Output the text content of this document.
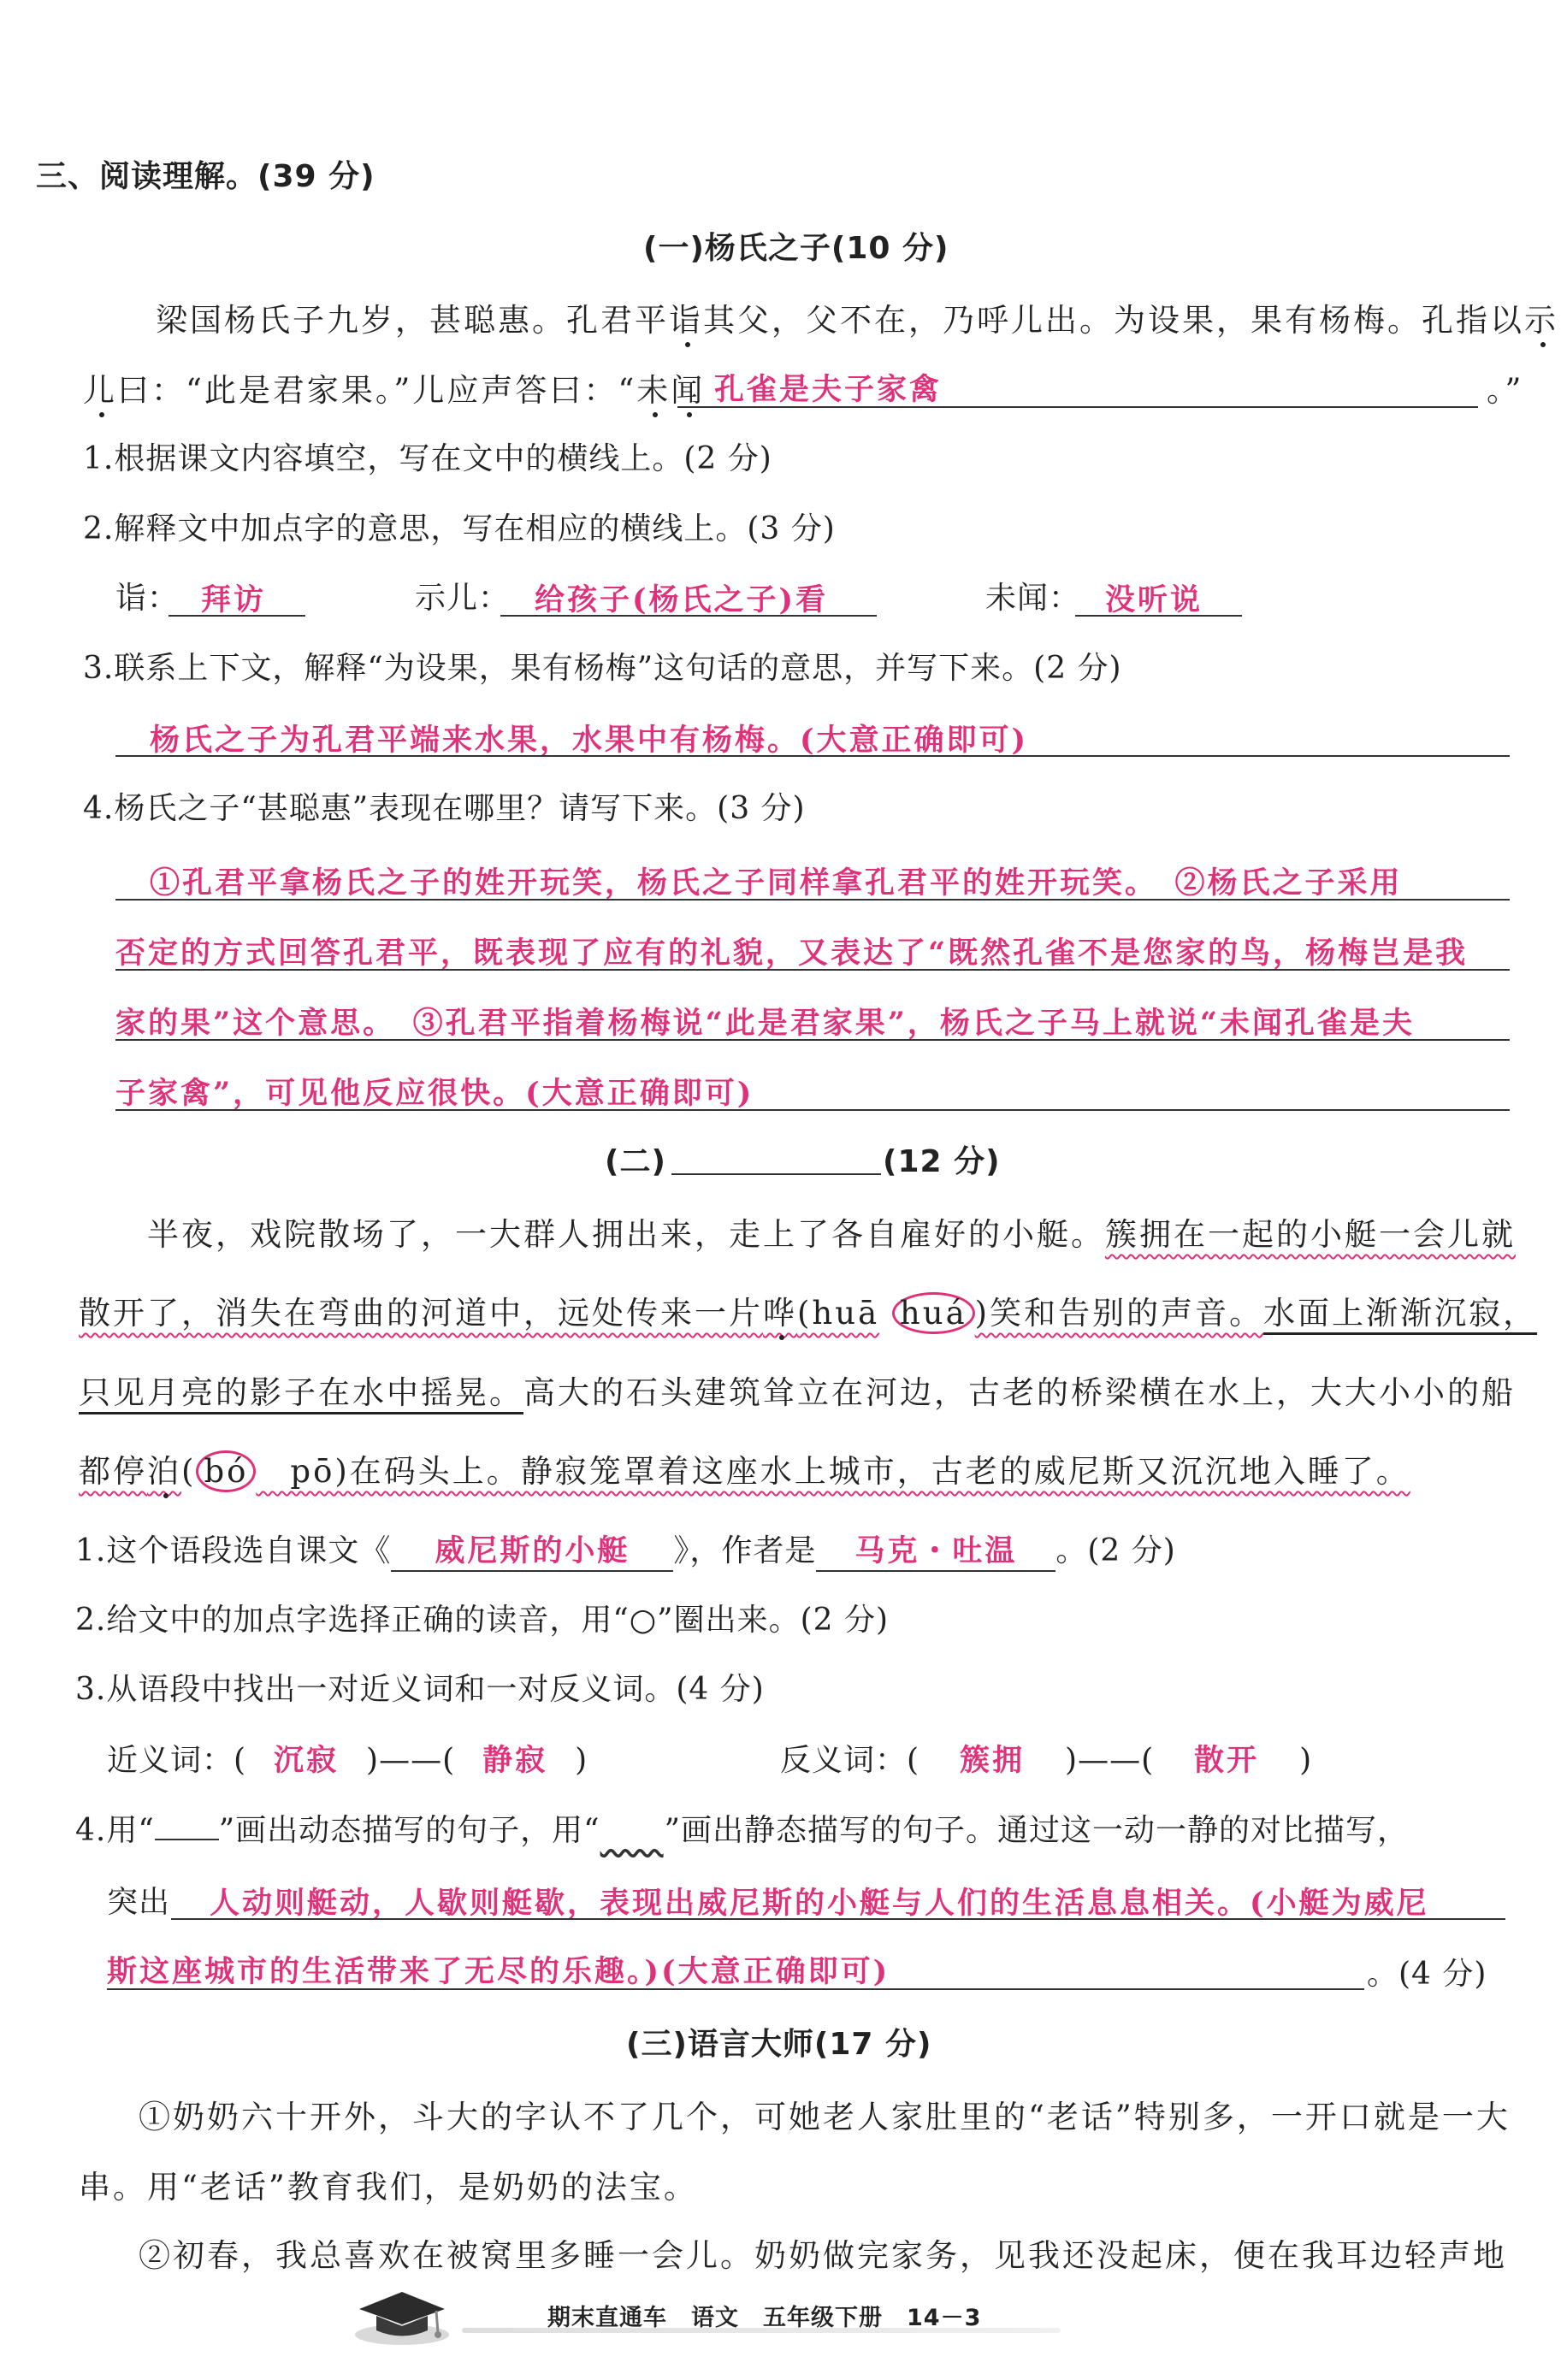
三、阅读理解。(39 分)
(一)杨氏之子(10 分)
梁国杨氏子九岁，甚聪惠。孔君平诣其父，父不在，乃呼儿出。为设果，果有杨梅。孔指以示
儿曰：“此是君家果。”儿应声答曰：“未闻 孔雀是夫子家禽	。”
1.根据课文内容填空，写在文中的横线上。(2 分)
2.解释文中加点字的意思，写在相应的横线上。(3 分)
诣： 拜访	示儿： 给孩子(杨氏之子)看	未闻： 没听说
3.联系上下文，解释“为设果，果有杨梅”这句话的意思，并写下来。(2 分)
杨氏之子为孔君平端来水果，水果中有杨梅。(大意正确即可)
4.杨氏之子“甚聪惠”表现在哪里？请写下来。(3 分)
①孔君平拿杨氏之子的姓开玩笑，杨氏之子同样拿孔君平的姓开玩笑。　②杨氏之子采用
否定的方式回答孔君平，既表现了应有的礼貌，又表达了“既然孔雀不是您家的鸟，杨梅岂是我
家的果”这个意思。　③孔君平指着杨梅说“此是君家果”，杨氏之子马上就说“未闻孔雀是夫
子家禽”，可见他反应很快。(大意正确即可)
(二)	(12 分)
半夜，戏院散场了，一大群人拥出来，走上了各自雇好的小艇。簇拥在一起的小艇一会儿就
散开了，消失在弯曲的河道中，远处传来一片哗(huā huá )笑和告别的声音。水面上渐渐沉寂，
只见月亮的影子在水中摇晃。高大的石头建筑耸立在河边，古老的桥梁横在水上，大大小小的船
都停泊( bó　pō)在码头上。静寂笼罩着这座水上城市，古老的威尼斯又沉沉地入睡了。
1.这个语段选自课文《 威尼斯的小艇 》，作者是 马克・吐温 。(2 分)
2.给文中的加点字选择正确的读音，用“○”圈出来。(2 分)
3.从语段中找出一对近义词和一对反义词。(4 分)
近义词：( 沉寂 )——( 静寂 )	反义词：( 簇拥 )——( 散开 )
4.用“ ”画出动态描写的句子，用“　　 ”画出静态描写的句子。通过这一动一静的对比描写，
突出 人动则艇动，人歇则艇歇，表现出威尼斯的小艇与人们的生活息息相关。(小艇为威尼
斯这座城市的生活带来了无尽的乐趣。)(大意正确即可)	。(4 分)
(三)语言大师(17 分)
①奶奶六十开外，斗大的字认不了几个，可她老人家肚里的“老话”特别多，一开口就是一大
串。用“老话”教育我们，是奶奶的法宝。
②初春，我总喜欢在被窝里多睡一会儿。奶奶做完家务，见我还没起床，便在我耳边轻声地
期末直通车　语文　五年级下册　14－3
